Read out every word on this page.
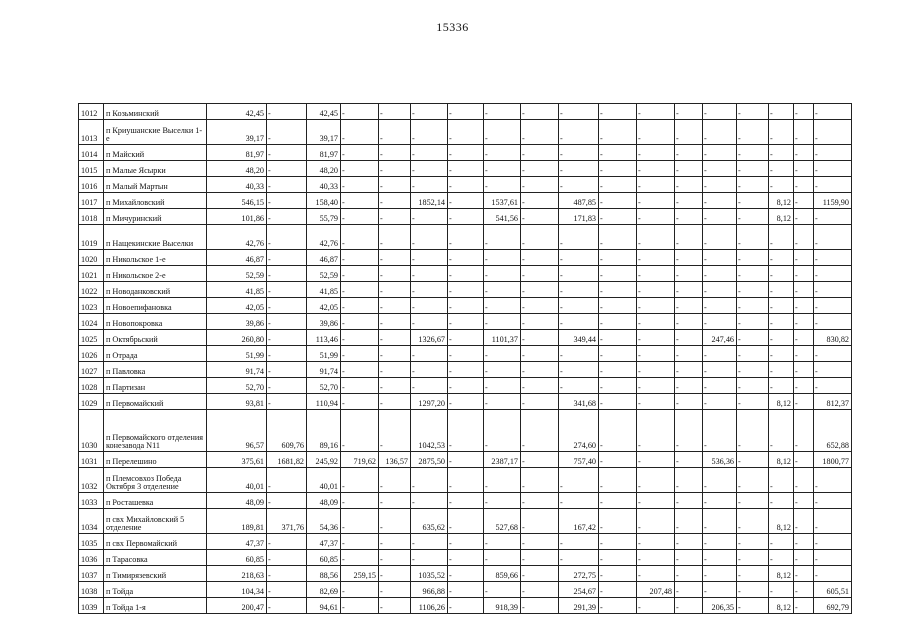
15336
1012	п Козьминский	42,45	-	42,45	-	-	-	-	-	-	-	-	-	-	-	-	-	-	-
1013	п Криушанские Выселки 1-е	39,17	-	39,17	-	-	-	-	-	-	-	-	-	-	-	-	-	-	-
1014	п Майский	81,97	-	81,97	-	-	-	-	-	-	-	-	-	-	-	-	-	-	-
1015	п Малые Ясырки	48,20	-	48,20	-	-	-	-	-	-	-	-	-	-	-	-	-	-	-
1016	п Малый Мартын	40,33	-	40,33	-	-	-	-	-	-	-	-	-	-	-	-	-	-	-
1017	п Михайловский	546,15	-	158,40	-	-	1852,14	-	1537,61	-	487,85	-	-	-	-	-	8,12	-	1159,90
1018	п Мичуринский	101,86	-	55,79	-	-	-	-	541,56	-	171,83	-	-	-	-	-	8,12	-	-
1019	п Нащекинские Выселки	42,76	-	42,76	-	-	-	-	-	-	-	-	-	-	-	-	-	-	-
1020	п Никольское 1-е	46,87	-	46,87	-	-	-	-	-	-	-	-	-	-	-	-	-	-	-
1021	п Никольское 2-е	52,59	-	52,59	-	-	-	-	-	-	-	-	-	-	-	-	-	-	-
1022	п Новоданковский	41,85	-	41,85	-	-	-	-	-	-	-	-	-	-	-	-	-	-	-
1023	п Новоепифановка	42,05	-	42,05	-	-	-	-	-	-	-	-	-	-	-	-	-	-	-
1024	п Новопокровка	39,86	-	39,86	-	-	-	-	-	-	-	-	-	-	-	-	-	-	-
1025	п Октябрьский	260,80	-	113,46	-	-	1326,67	-	1101,37	-	349,44	-	-	-	247,46	-	-	-	830,82
1026	п Отрада	51,99	-	51,99	-	-	-	-	-	-	-	-	-	-	-	-	-	-	-
1027	п Павловка	91,74	-	91,74	-	-	-	-	-	-	-	-	-	-	-	-	-	-	-
1028	п Партизан	52,70	-	52,70	-	-	-	-	-	-	-	-	-	-	-	-	-	-	-
1029	п Первомайский	93,81	-	110,94	-	-	1297,20	-	-	-	341,68	-	-	-	-	-	8,12	-	812,37
1030	п Первомайского отделения конезавода N11	96,57	609,76	89,16	-	-	1042,53	-	-	-	274,60	-	-	-	-	-	-	-	652,88
1031	п Перелешино	375,61	1681,82	245,92	719,62	136,57	2875,50	-	2387,17	-	757,40	-	-	-	536,36	-	8,12	-	1800,77
1032	п Племсовхоз Победа Октября 3 отделение	40,01	-	40,01	-	-	-	-	-	-	-	-	-	-	-	-	-	-	-
1033	п Росташевка	48,09	-	48,09	-	-	-	-	-	-	-	-	-	-	-	-	-	-	-
1034	п свх Михайловский 5 отделение	189,81	371,76	54,36	-	-	635,62	-	527,68	-	167,42	-	-	-	-	-	8,12	-	-
1035	п свх Первомайский	47,37	-	47,37	-	-	-	-	-	-	-	-	-	-	-	-	-	-	-
1036	п Тарасовка	60,85	-	60,85	-	-	-	-	-	-	-	-	-	-	-	-	-	-	-
1037	п Тимирязевский	218,63	-	88,56	259,15	-	1035,52	-	859,66	-	272,75	-	-	-	-	-	8,12	-	-
1038	п Тойда	104,34	-	82,69	-	-	966,88	-	-	-	254,67	-	207,48	-	-	-	-	-	605,51
1039	п Тойда 1-я	200,47	-	94,61	-	-	1106,26	-	918,39	-	291,39	-	-	-	206,35	-	8,12	-	692,79
